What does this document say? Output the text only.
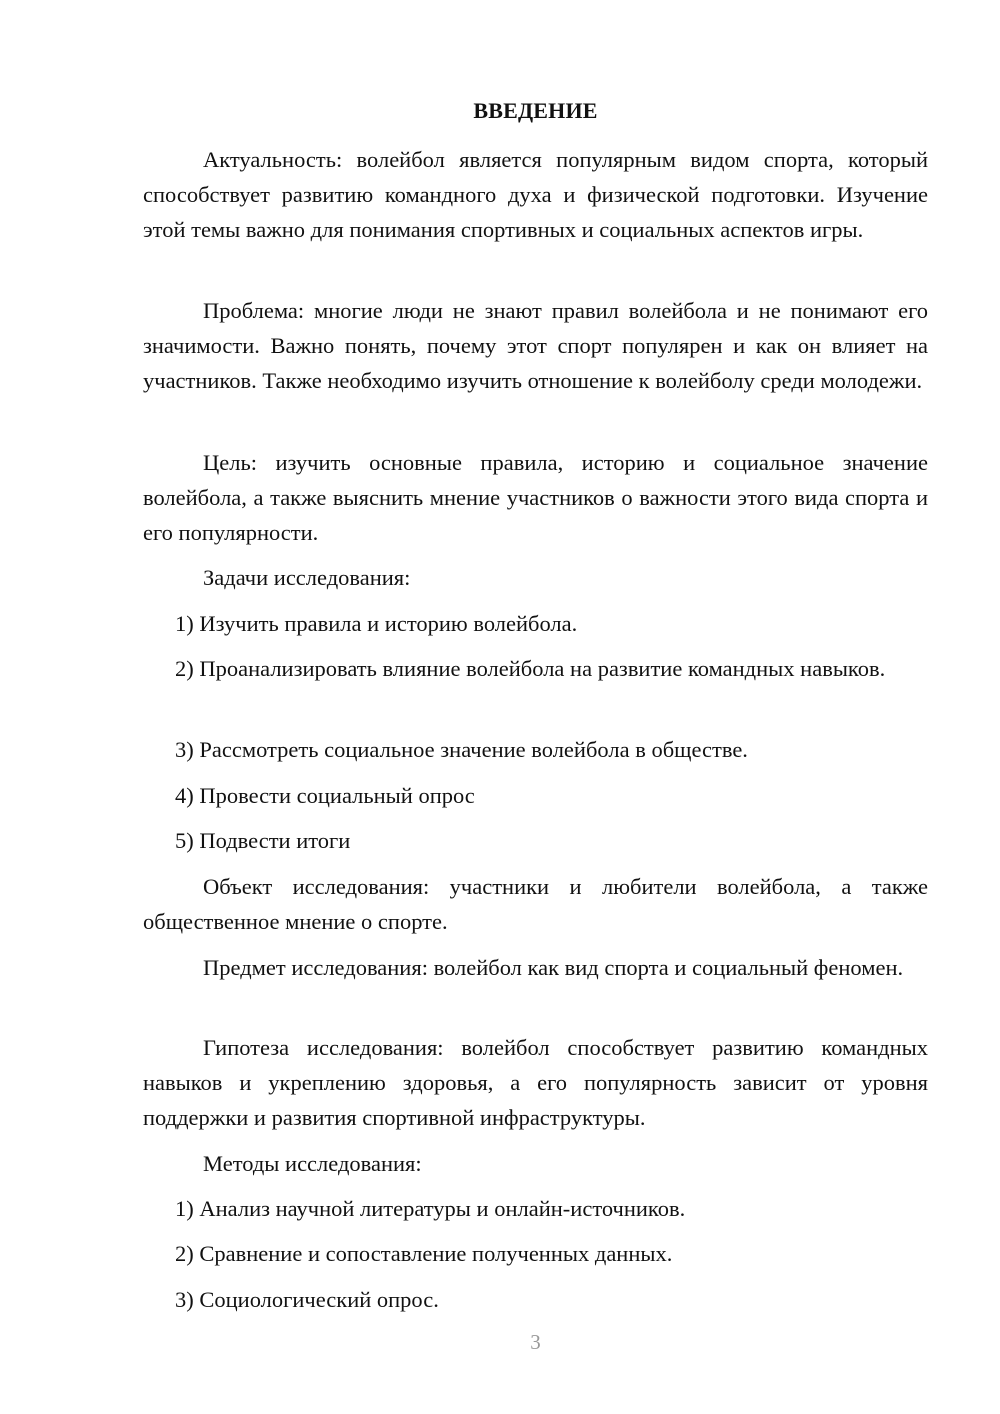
ВВЕДЕНИЕ

Актуальность: волейбол является популярным видом спорта, который способствует развитию командного духа и физической подготовки. Изучение этой темы важно для понимания спортивных и социальных аспектов игры.

Проблема: многие люди не знают правил волейбола и не понимают его значимости. Важно понять, почему этот спорт популярен и как он влияет на участников. Также необходимо изучить отношение к волейболу среди молодежи.

Цель: изучить основные правила, историю и социальное значение волейбола, а также выяснить мнение участников о важности этого вида спорта и его популярности.

Задачи исследования:

1) Изучить правила и историю волейбола.

2) Проанализировать влияние волейбола на развитие командных навыков.

3) Рассмотреть социальное значение волейбола в обществе.

4) Провести социальный опрос

5) Подвести итоги

Объект исследования: участники и любители волейбола, а также общественное мнение о спорте.

Предмет исследования: волейбол как вид спорта и социальный феномен.

Гипотеза исследования: волейбол способствует развитию командных навыков и укреплению здоровья, а его популярность зависит от уровня поддержки и развития спортивной инфраструктуры.

Методы исследования:

1) Анализ научной литературы и онлайн-источников.

2) Сравнение и сопоставление полученных данных.

3) Социологический опрос.

3
